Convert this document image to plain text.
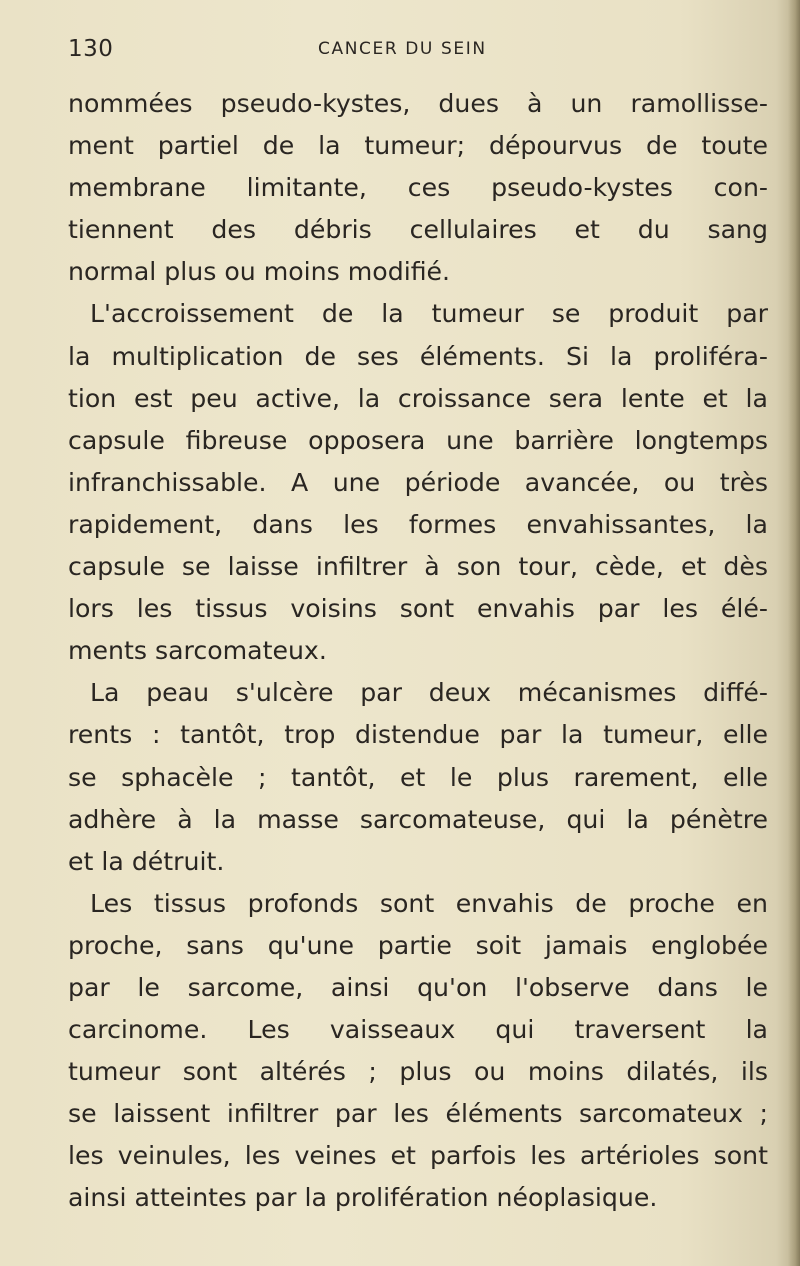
130	CANCER DU SEIN
nommées pseudo-kystes, dues à un ramollisse-
ment partiel de la tumeur; dépourvus de toute
membrane limitante, ces pseudo-kystes con-
tiennent des débris cellulaires et du sang
normal plus ou moins modifié.
L'accroissement de la tumeur se produit par
la multiplication de ses éléments. Si la proliféra-
tion est peu active, la croissance sera lente et la
capsule fibreuse opposera une barrière longtemps
infranchissable. A une période avancée, ou très
rapidement, dans les formes envahissantes, la
capsule se laisse infiltrer à son tour, cède, et dès
lors les tissus voisins sont envahis par les élé-
ments sarcomateux.
La peau s'ulcère par deux mécanismes diffé-
rents : tantôt, trop distendue par la tumeur, elle
se sphacèle ; tantôt, et le plus rarement, elle
adhère à la masse sarcomateuse, qui la pénètre
et la détruit.
Les tissus profonds sont envahis de proche en
proche, sans qu'une partie soit jamais englobée
par le sarcome, ainsi qu'on l'observe dans le
carcinome. Les vaisseaux qui traversent la
tumeur sont altérés ; plus ou moins dilatés, ils
se laissent infiltrer par les éléments sarcomateux ;
les veinules, les veines et parfois les artérioles sont
ainsi atteintes par la prolifération néoplasique.
